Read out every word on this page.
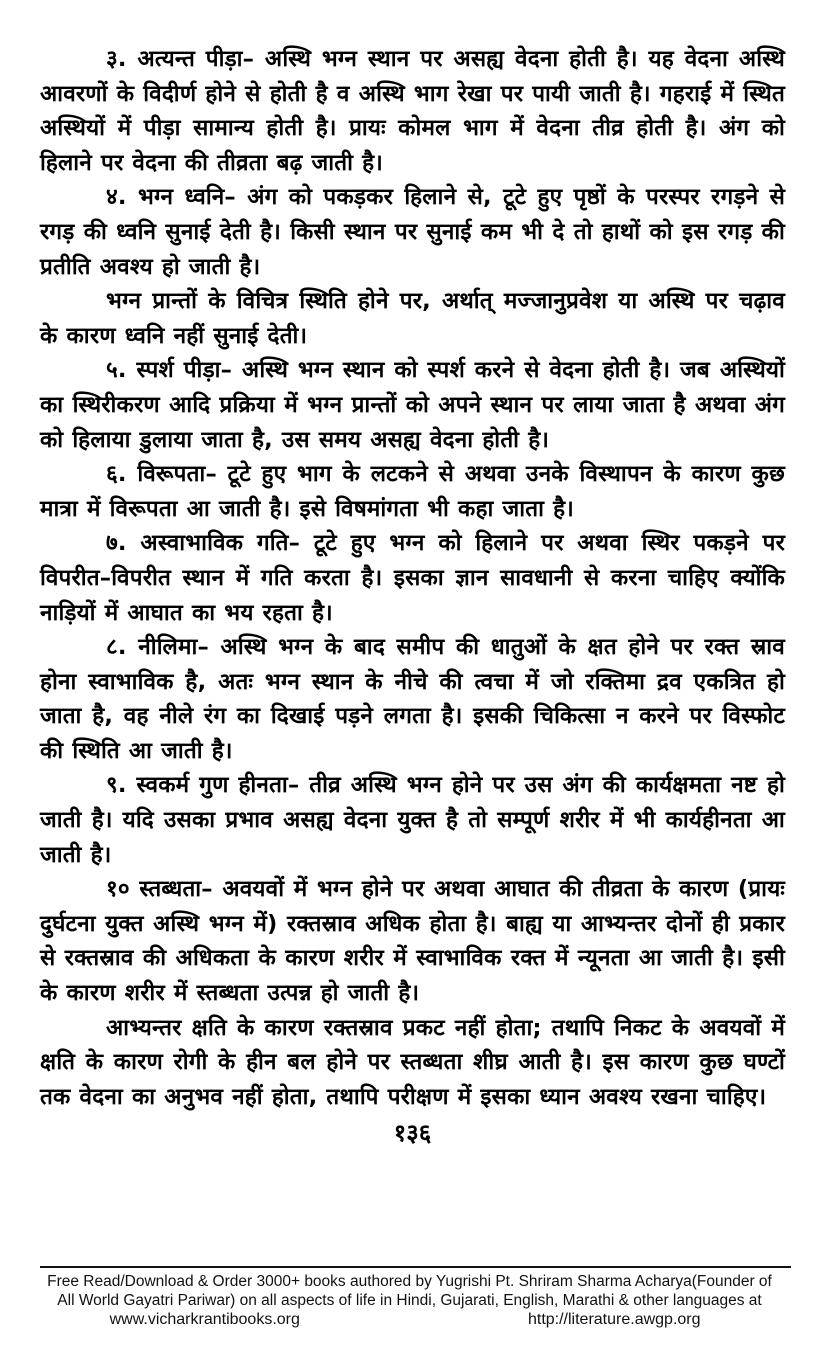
३. अत्यन्त पीड़ा– अस्थि भग्न स्थान पर असह्य वेदना होती है। यह वेदना अस्थि आवरणों के विदीर्ण होने से होती है व अस्थि भाग रेखा पर पायी जाती है। गहराई में स्थित अस्थियों में पीड़ा सामान्य होती है। प्रायः कोमल भाग में वेदना तीव्र होती है। अंग को हिलाने पर वेदना की तीव्रता बढ़ जाती है।

४. भग्न ध्वनि– अंग को पकड़कर हिलाने से, टूटे हुए पृष्ठों के परस्पर रगड़ने से रगड़ की ध्वनि सुनाई देती है। किसी स्थान पर सुनाई कम भी दे तो हाथों को इस रगड़ की प्रतीति अवश्य हो जाती है।

भग्न प्रान्तों के विचित्र स्थिति होने पर, अर्थात् मज्जानुप्रवेश या अस्थि पर चढ़ाव के कारण ध्वनि नहीं सुनाई देती।

५. स्पर्श पीड़ा– अस्थि भग्न स्थान को स्पर्श करने से वेदना होती है। जब अस्थियों का स्थिरीकरण आदि प्रक्रिया में भग्न प्रान्तों को अपने स्थान पर लाया जाता है अथवा अंग को हिलाया डुलाया जाता है, उस समय असह्य वेदना होती है।

६. विरूपता– टूटे हुए भाग के लटकने से अथवा उनके विस्थापन के कारण कुछ मात्रा में विरूपता आ जाती है। इसे विषमांगता भी कहा जाता है।

७. अस्वाभाविक गति– टूटे हुए भग्न को हिलाने पर अथवा स्थिर पकड़ने पर विपरीत–विपरीत स्थान में गति करता है। इसका ज्ञान सावधानी से करना चाहिए क्योंकि नाड़ियों में आघात का भय रहता है।

८. नीलिमा– अस्थि भग्न के बाद समीप की धातुओं के क्षत होने पर रक्त स्राव होना स्वाभाविक है, अतः भग्न स्थान के नीचे की त्वचा में जो रक्तिमा द्रव एकत्रित हो जाता है, वह नीले रंग का दिखाई पड़ने लगता है। इसकी चिकित्सा न करने पर विस्फोट की स्थिति आ जाती है।

९. स्वकर्म गुण हीनता– तीव्र अस्थि भग्न होने पर उस अंग की कार्यक्षमता नष्ट हो जाती है। यदि उसका प्रभाव असह्य वेदना युक्त है तो सम्पूर्ण शरीर में भी कार्यहीनता आ जाती है।

१० स्तब्धता– अवयवों में भग्न होने पर अथवा आघात की तीव्रता के कारण (प्रायः दुर्घटना युक्त अस्थि भग्न में) रक्तस्राव अधिक होता है। बाह्य या आभ्यन्तर दोनों ही प्रकार से रक्तस्राव की अधिकता के कारण शरीर में स्वाभाविक रक्त में न्यूनता आ जाती है। इसी के कारण शरीर में स्तब्धता उत्पन्न हो जाती है।

आभ्यन्तर क्षति के कारण रक्तस्राव प्रकट नहीं होता; तथापि निकट के अवयवों में क्षति के कारण रोगी के हीन बल होने पर स्तब्धता शीघ्र आती है। इस कारण कुछ घण्टों तक वेदना का अनुभव नहीं होता, तथापि परीक्षण में इसका ध्यान अवश्य रखना चाहिए।

१३६
Free Read/Download & Order 3000+ books authored by Yugrishi Pt. Shriram Sharma Acharya(Founder of
All World Gayatri Pariwar) on all aspects of life in Hindi, Gujarati, English, Marathi & other languages at
www.vicharkrantibooks.org	http://literature.awgp.org
